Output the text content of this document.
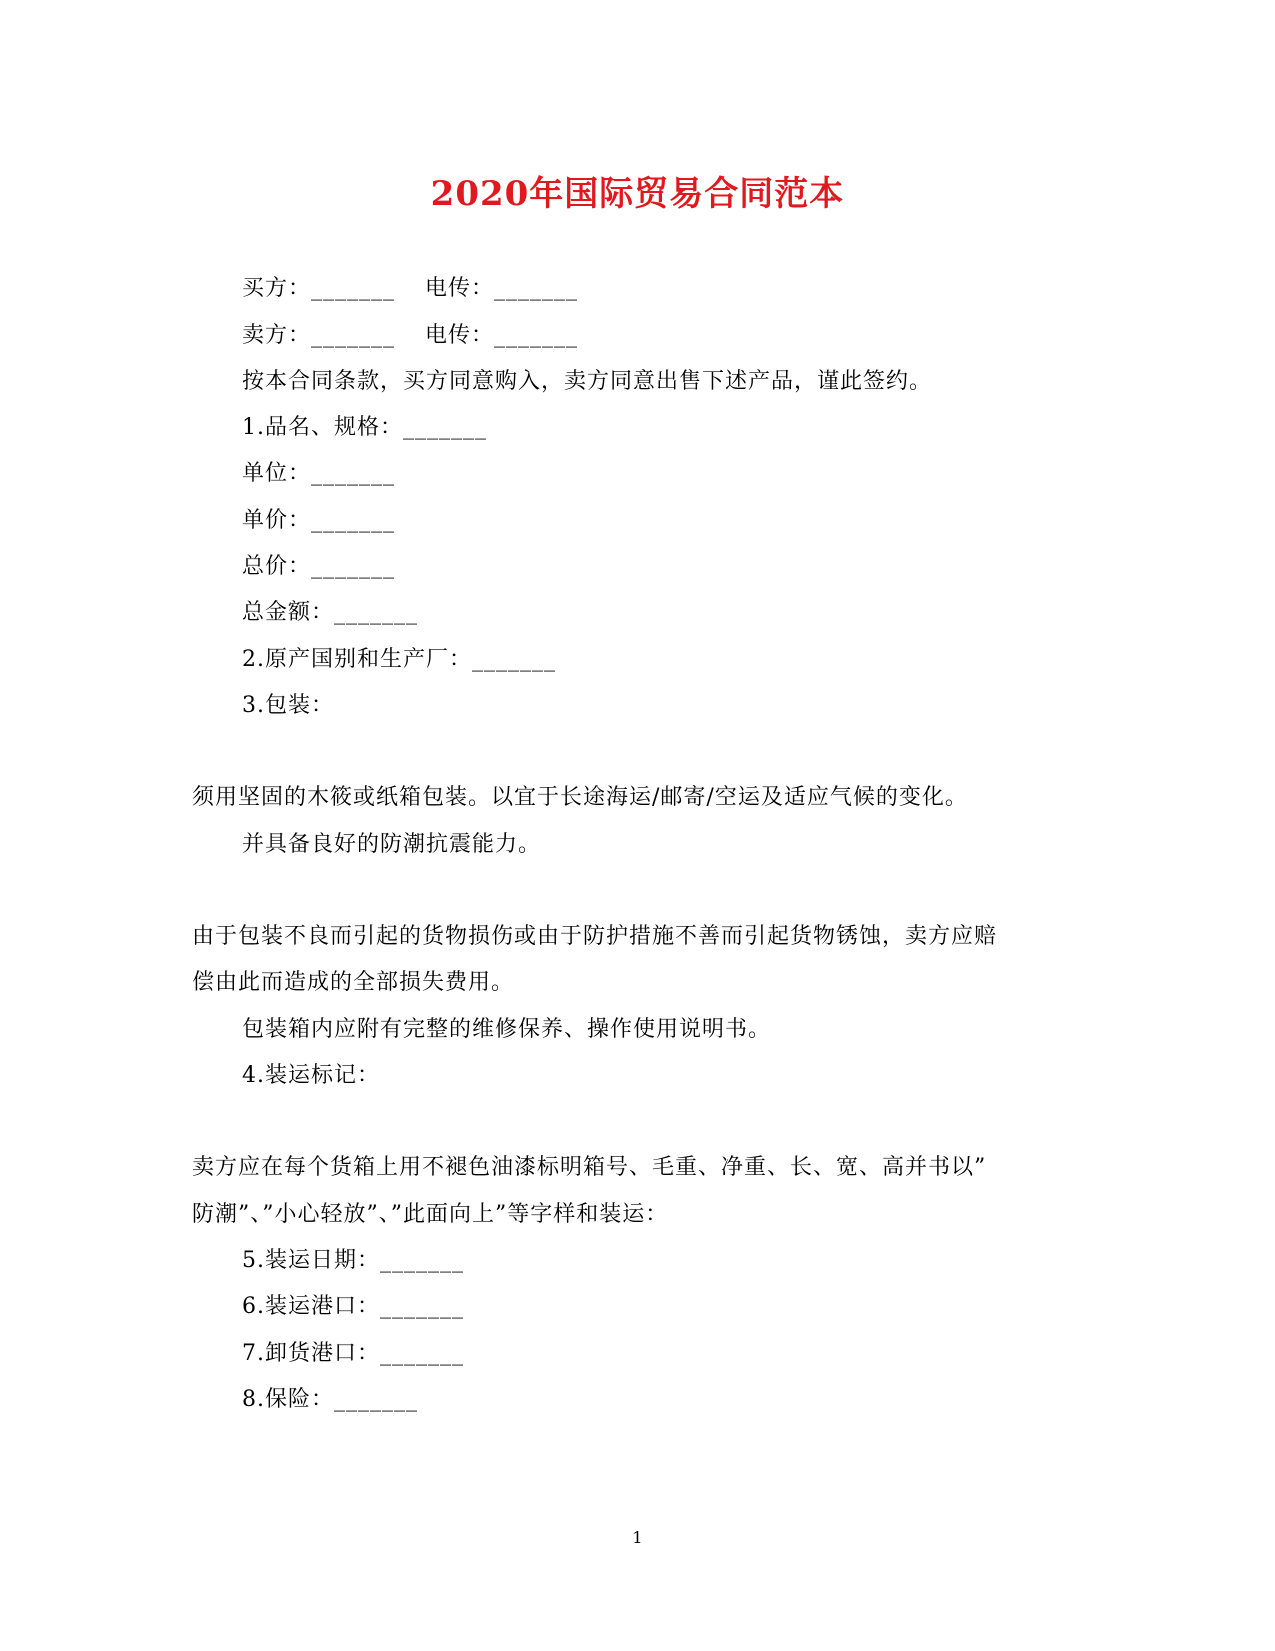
2020年国际贸易合同范本
买方：_______ 电传：_______
卖方：_______ 电传：_______
按本合同条款，买方同意购入，卖方同意出售下述产品，谨此签约。
1.品名、规格：_______
单位：_______
单价：_______
总价：_______
总金额：_______
2.原产国别和生产厂：_______
3.包装：
须用坚固的木筱或纸箱包装。以宜于长途海运/邮寄/空运及适应气候的变化。
并具备良好的防潮抗震能力。
由于包装不良而引起的货物损伤或由于防护措施不善而引起货物锈蚀，卖方应赔
偿由此而造成的全部损失费用。
包装箱内应附有完整的维修保养、操作使用说明书。
4.装运标记：
卖方应在每个货箱上用不褪色油漆标明箱号、毛重、净重、长、宽、高并书以”
防潮”、”小心轻放”、”此面向上”等字样和装运：
5.装运日期：_______
6.装运港口：_______
7.卸货港口：_______
8.保险：_______
1
